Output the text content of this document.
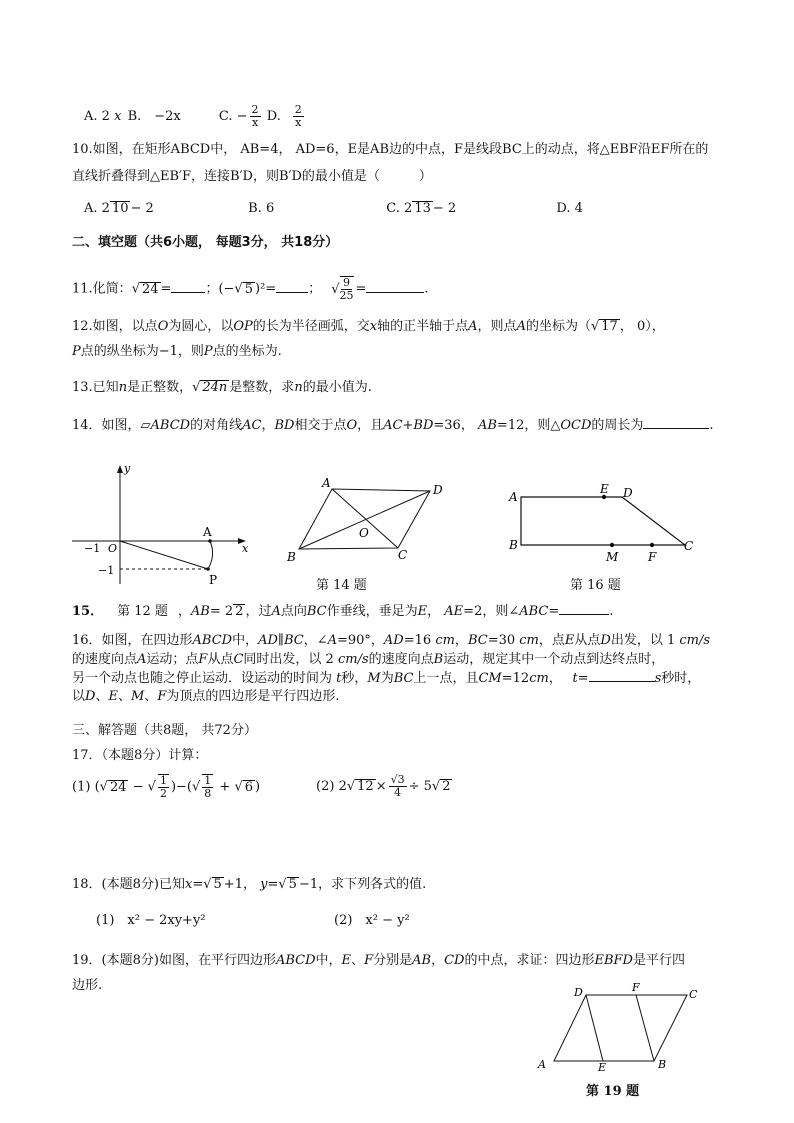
A. 2 x B.　 −2x	C. − $\frac{2}{x} D$. $\frac{2}{x}$
10.如图，在矩形ABCD中， AB=4， AD=6，E是AB边的中点，F是线段BC上的动点，将△EBF沿EF所在的
直线折叠得到△EB′F，连接B′D，则B′D的最小值是（　　　）
A. 2 10 − 2	B. 6	C. 2 13 − 2	D. 4
二、填空题（共6小题， 每题3分， 共18分）
11.化简：√ 24 =	；(−√ 5 )²= ； √ $\frac{9}{25}$ =	.
12.如图，以点O为圆心，以OP的长为半径画弧，交x轴的正半轴于点A，则点A的坐标为（√ 17 ， 0），
P点的纵坐标为−1，则P点的坐标为.
13.已知n是正整数，√ 24n 是整数，求n的最小值为.
14．如图，▱ABCD的对角线AC，BD相交于点O，且AC+BD=36， AB=12，则△OCD的周长为	.
y
x
O
−1
−1
A
P
A	D
B	C
O
第 14 题
A
B
E D
C
M F
第 16 题
15． 第 12 题 ，AB= 2 2 ，过A点向BC作垂线，垂足为E， AE=2，则∠ABC=	.
16．如图，在四边形ABCD中，AD∥BC，∠A=90°，AD=16 cm，BC=30 cm，点E从点D出发，以 1 cm/s
的速度向点A运动；点F从点C同时出发，以 2 cm/s的速度向点B运动，规定其中一个动点到达终点时，
另一个动点也随之停止运动．设运动的时间为 t秒，M为BC上一点，且CM=12cm，　 t=	s秒时，
以D、E、M、F为顶点的四边形是平行四边形.
三、解答题（共8题， 共72分）
17．（本题8分）计算：
(1) (√ 24 − √ $\frac{1}{2}$ )−(√ $\frac{1}{8}$ + √ 6 )	(2) 2√ $12 \times \frac{√3}{4} \div 5√$ 2
18．(本题8分)已知x=√ 5 +1， y=√ 5 −1，求下列各式的值.
(1)　x² − 2xy+y²	(2)　x² − y²
19．(本题8分)如图，在平行四边形ABCD中，E、F分别是AB，CD的中点，求证：四边形EBFD是平行四
边形.	D	F
C
A	E	B
第 19 题
